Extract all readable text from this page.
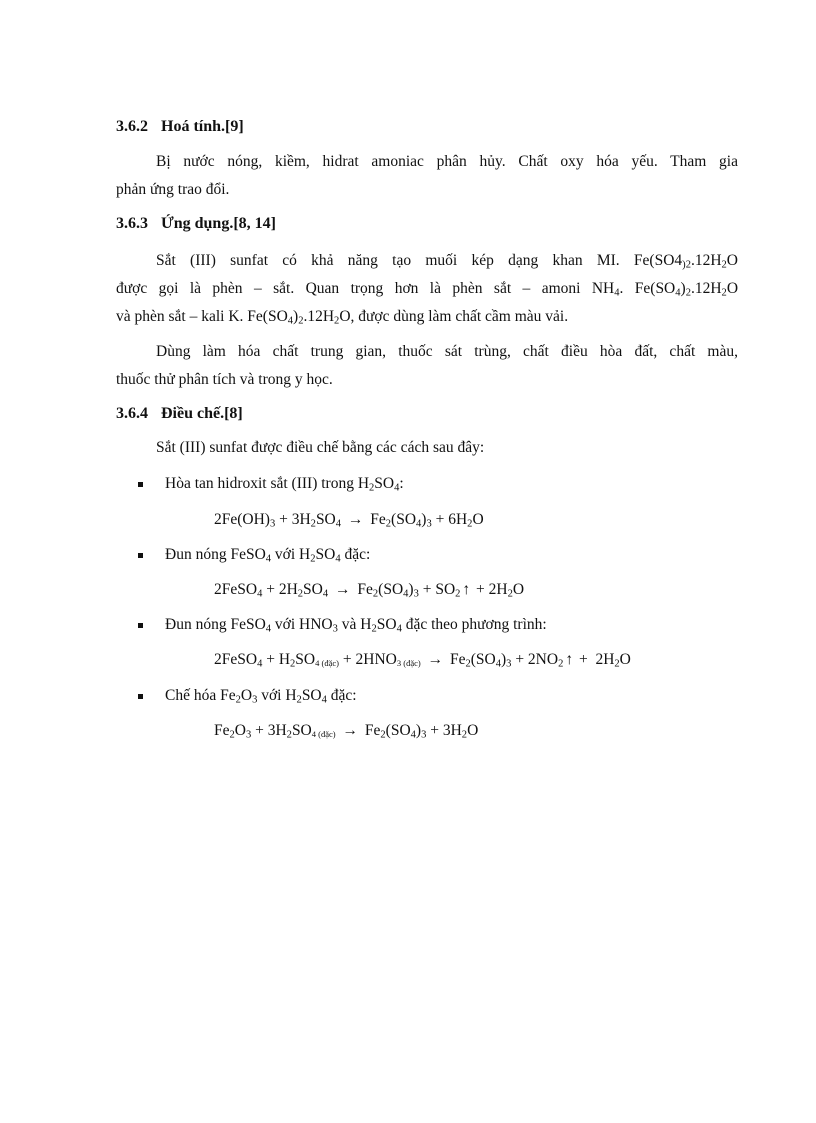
3.6.2 Hoá tính.[9]
Bị nước nóng, kiềm, hidrat amoniac phân hủy. Chất oxy hóa yếu. Tham gia
phản ứng trao đổi.
3.6.3 Ứng dụng.[8, 14]
Sắt (III) sunfat có khả năng tạo muối kép dạng khan MI. $Fe(SO4_{)2}.12H_2O$
được gọi là phèn – sắt. Quan trọng hơn là phèn sắt – amoni $NH_4$. $Fe(SO_4)_2.12H_2O$
và phèn sắt – kali K. $Fe(SO_4)_2.12H_2O$, được dùng làm chất cầm màu vải.
Dùng làm hóa chất trung gian, thuốc sát trùng, chất điều hòa đất, chất màu,
thuốc thử phân tích và trong y học.
3.6.4 Điều chế.[8]
Sắt (III) sunfat được điều chế bằng các cách sau đây:
Hòa tan hidroxit sắt (III) trong $H_2SO_4$:
$2Fe(OH)_3 + 3H_2SO_4 \to Fe_2(SO_4)_3 + 6H_2O$
Đun nóng FeSO$_4$ với $H_2SO_4$ đặc:
2FeSO$_4$ + $2H_2SO_4 \to Fe_2(SO_4)_3 + SO_2$ ↑ + $2H_2O$
Đun nóng FeSO$_4$ với $HNO_3$ và $H_2SO_4$ đặc theo phương trình:
2FeSO$_4$ + $H_2SO_{4 (đặc)} + 2HNO_{3 (đặc)} \to Fe_2(SO_4)_3 + 2NO_2$ ↑ +  $2H_2O$
Chế hóa $Fe_2O_3$ với $H_2SO_4$ đặc:
$Fe_2O_3 + 3H_2SO_{4 (đặc)} \to Fe_2(SO_4)_3 + 3H_2O$
